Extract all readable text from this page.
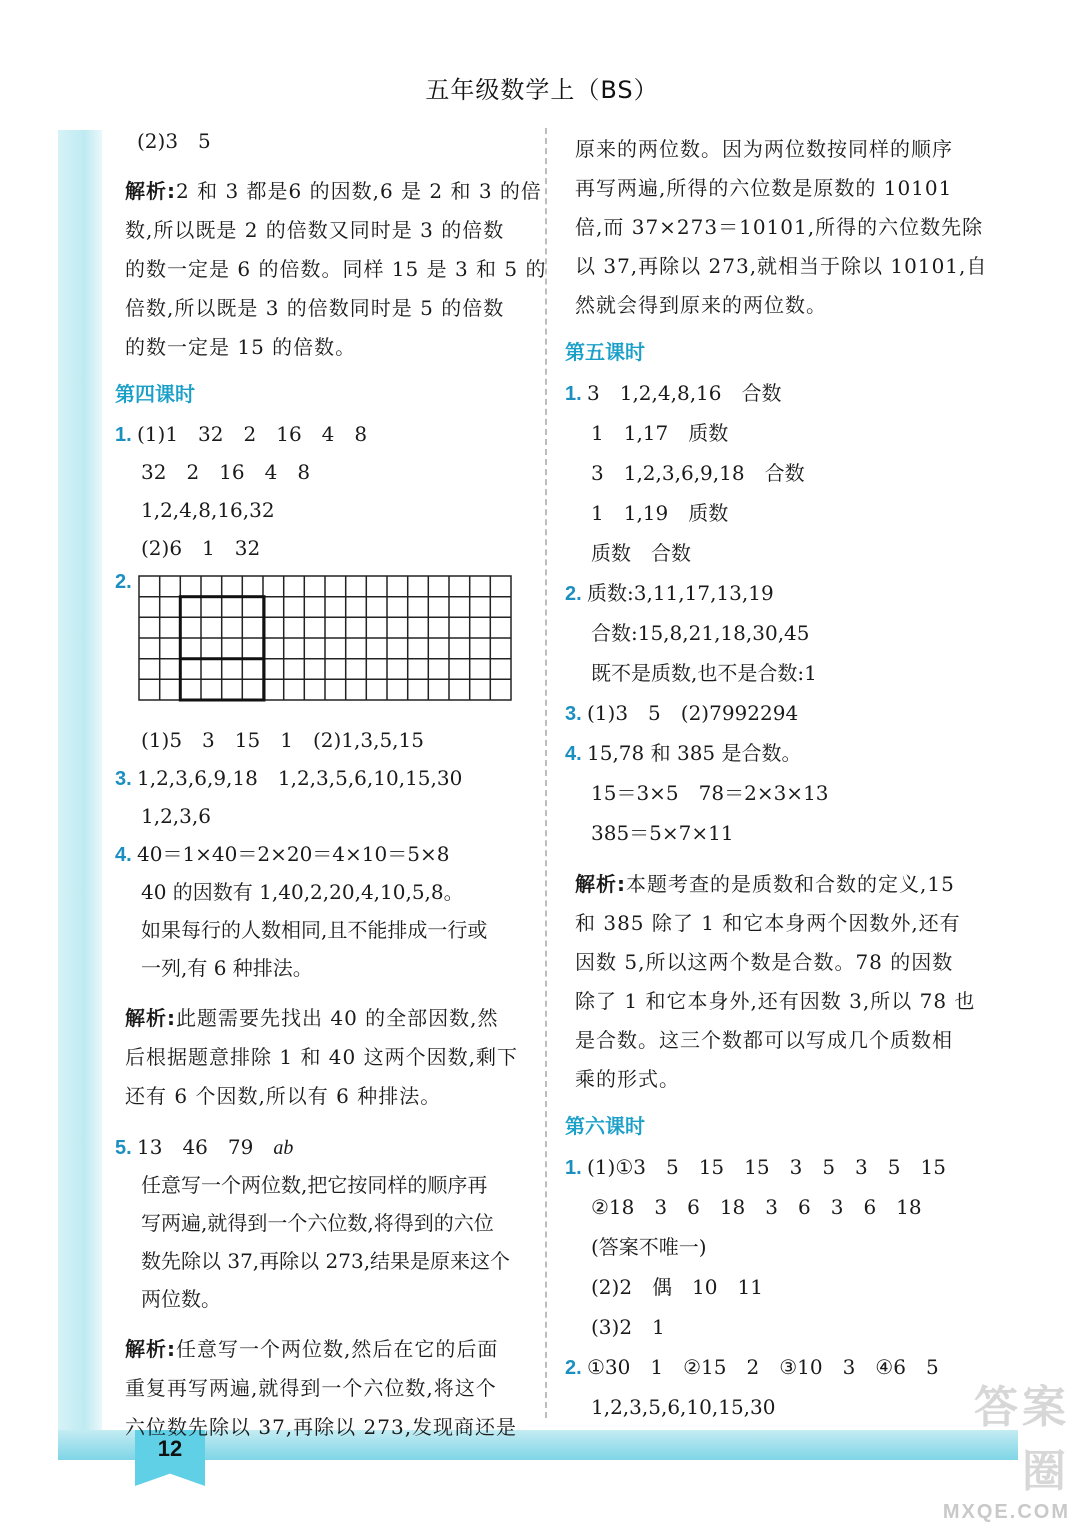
12
五年级数学上（BS）
(2)3　5
解析:2 和 3 都是6 的因数,6 是 2 和 3 的倍
数,所以既是 2 的倍数又同时是 3 的倍数
的数一定是 6 的倍数。同样 15 是 3 和 5 的
倍数,所以既是 3 的倍数同时是 5 的倍数
的数一定是 15 的倍数。
第四课时
1. (1)1　32　2　16　4　8
32　2　16　4　8
1,2,4,8,16,32
(2)6　1　32
2.
(1)5　3　15　1　(2)1,3,5,15
3. 1,2,3,6,9,18　1,2,3,5,6,10,15,30
1,2,3,6
4. 40＝1×40＝2×20＝4×10＝5×8
40 的因数有 1,40,2,20,4,10,5,8。
如果每行的人数相同,且不能排成一行或
一列,有 6 种排法。
解析:此题需要先找出 40 的全部因数,然
后根据题意排除 1 和 40 这两个因数,剩下
还有 6 个因数,所以有 6 种排法。
5. 13　46　79　ab
任意写一个两位数,把它按同样的顺序再
写两遍,就得到一个六位数,将得到的六位
数先除以 37,再除以 273,结果是原来这个
两位数。
解析:任意写一个两位数,然后在它的后面
重复再写两遍,就得到一个六位数,将这个
六位数先除以 37,再除以 273,发现商还是
原来的两位数。因为两位数按同样的顺序
再写两遍,所得的六位数是原数的 10101
倍,而 37×273＝10101,所得的六位数先除
以 37,再除以 273,就相当于除以 10101,自
然就会得到原来的两位数。
第五课时
1. 3　1,2,4,8,16　合数
1　1,17　质数
3　1,2,3,6,9,18　合数
1　1,19　质数
质数　合数
2. 质数:3,11,17,13,19
合数:15,8,21,18,30,45
既不是质数,也不是合数:1
3. (1)3　5　(2)7992294
4. 15,78 和 385 是合数。
15＝3×5　78＝2×3×13
385＝5×7×11
解析:本题考查的是质数和合数的定义,15
和 385 除了 1 和它本身两个因数外,还有
因数 5,所以这两个数是合数。78 的因数
除了 1 和它本身外,还有因数 3,所以 78 也
是合数。这三个数都可以写成几个质数相
乘的形式。
第六课时
1. (1)①3　5　15　15　3　5　3　5　15
②18　3　6　18　3　6　3　6　18
(答案不唯一)
(2)2　偶　10　11
(3)2　1
2. ①30　1　②15　2　③10　3　④6　5
1,2,3,5,6,10,15,30	答案圈
MXQE.COM
